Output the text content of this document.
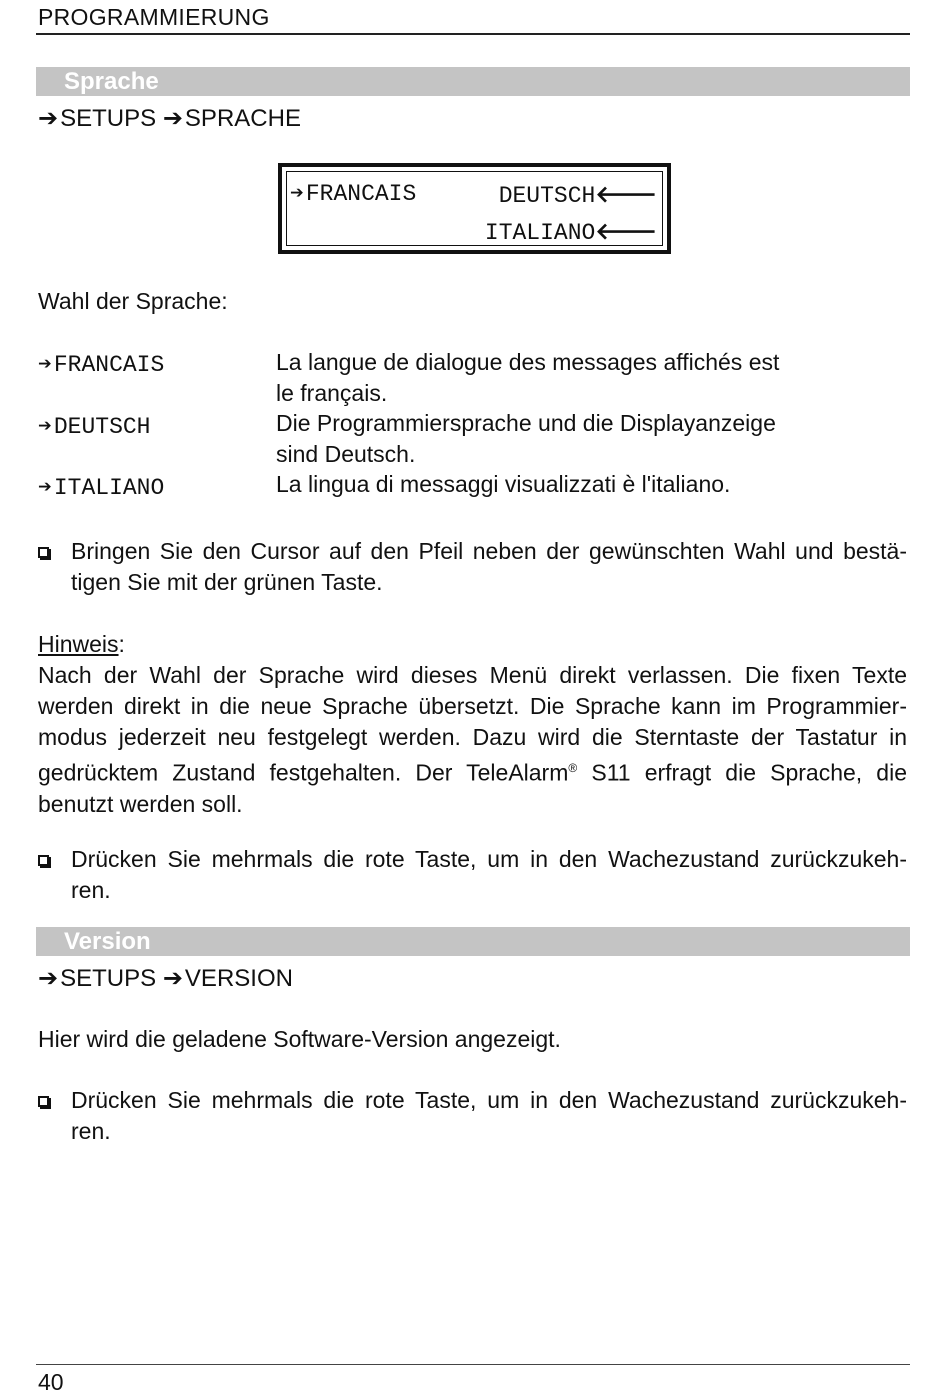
PROGRAMMIERUNG
Sprache
➔SETUPS ➔SPRACHE
➔FRANCAIS	DEUTSCH🡐
ITALIANO🡐
Wahl der Sprache:
➔FRANCAIS	La langue de dialogue des messages affichés est
le français.
➔DEUTSCH	Die Programmiersprache und die Displayanzeige
sind Deutsch.
➔ITALIANO	La lingua di messaggi visualizzati è l'italiano.
Bringen Sie den Cursor auf den Pfeil neben der gewünschten Wahl und bestä-
tigen Sie mit der grünen Taste.
Hinweis:
Nach der Wahl der Sprache wird dieses Menü direkt verlassen. Die fixen Texte
werden direkt in die neue Sprache übersetzt. Die Sprache kann im Programmier-
modus jederzeit neu festgelegt werden. Dazu wird die Sterntaste der Tastatur in
gedrücktem Zustand festgehalten. Der TeleAlarm® S11 erfragt die Sprache, die
benutzt werden soll.
Drücken Sie mehrmals die rote Taste, um in den Wachezustand zurückzukeh-
ren.
Version
➔SETUPS ➔VERSION
Hier wird die geladene Software-Version angezeigt.
Drücken Sie mehrmals die rote Taste, um in den Wachezustand zurückzukeh-
ren.
40
